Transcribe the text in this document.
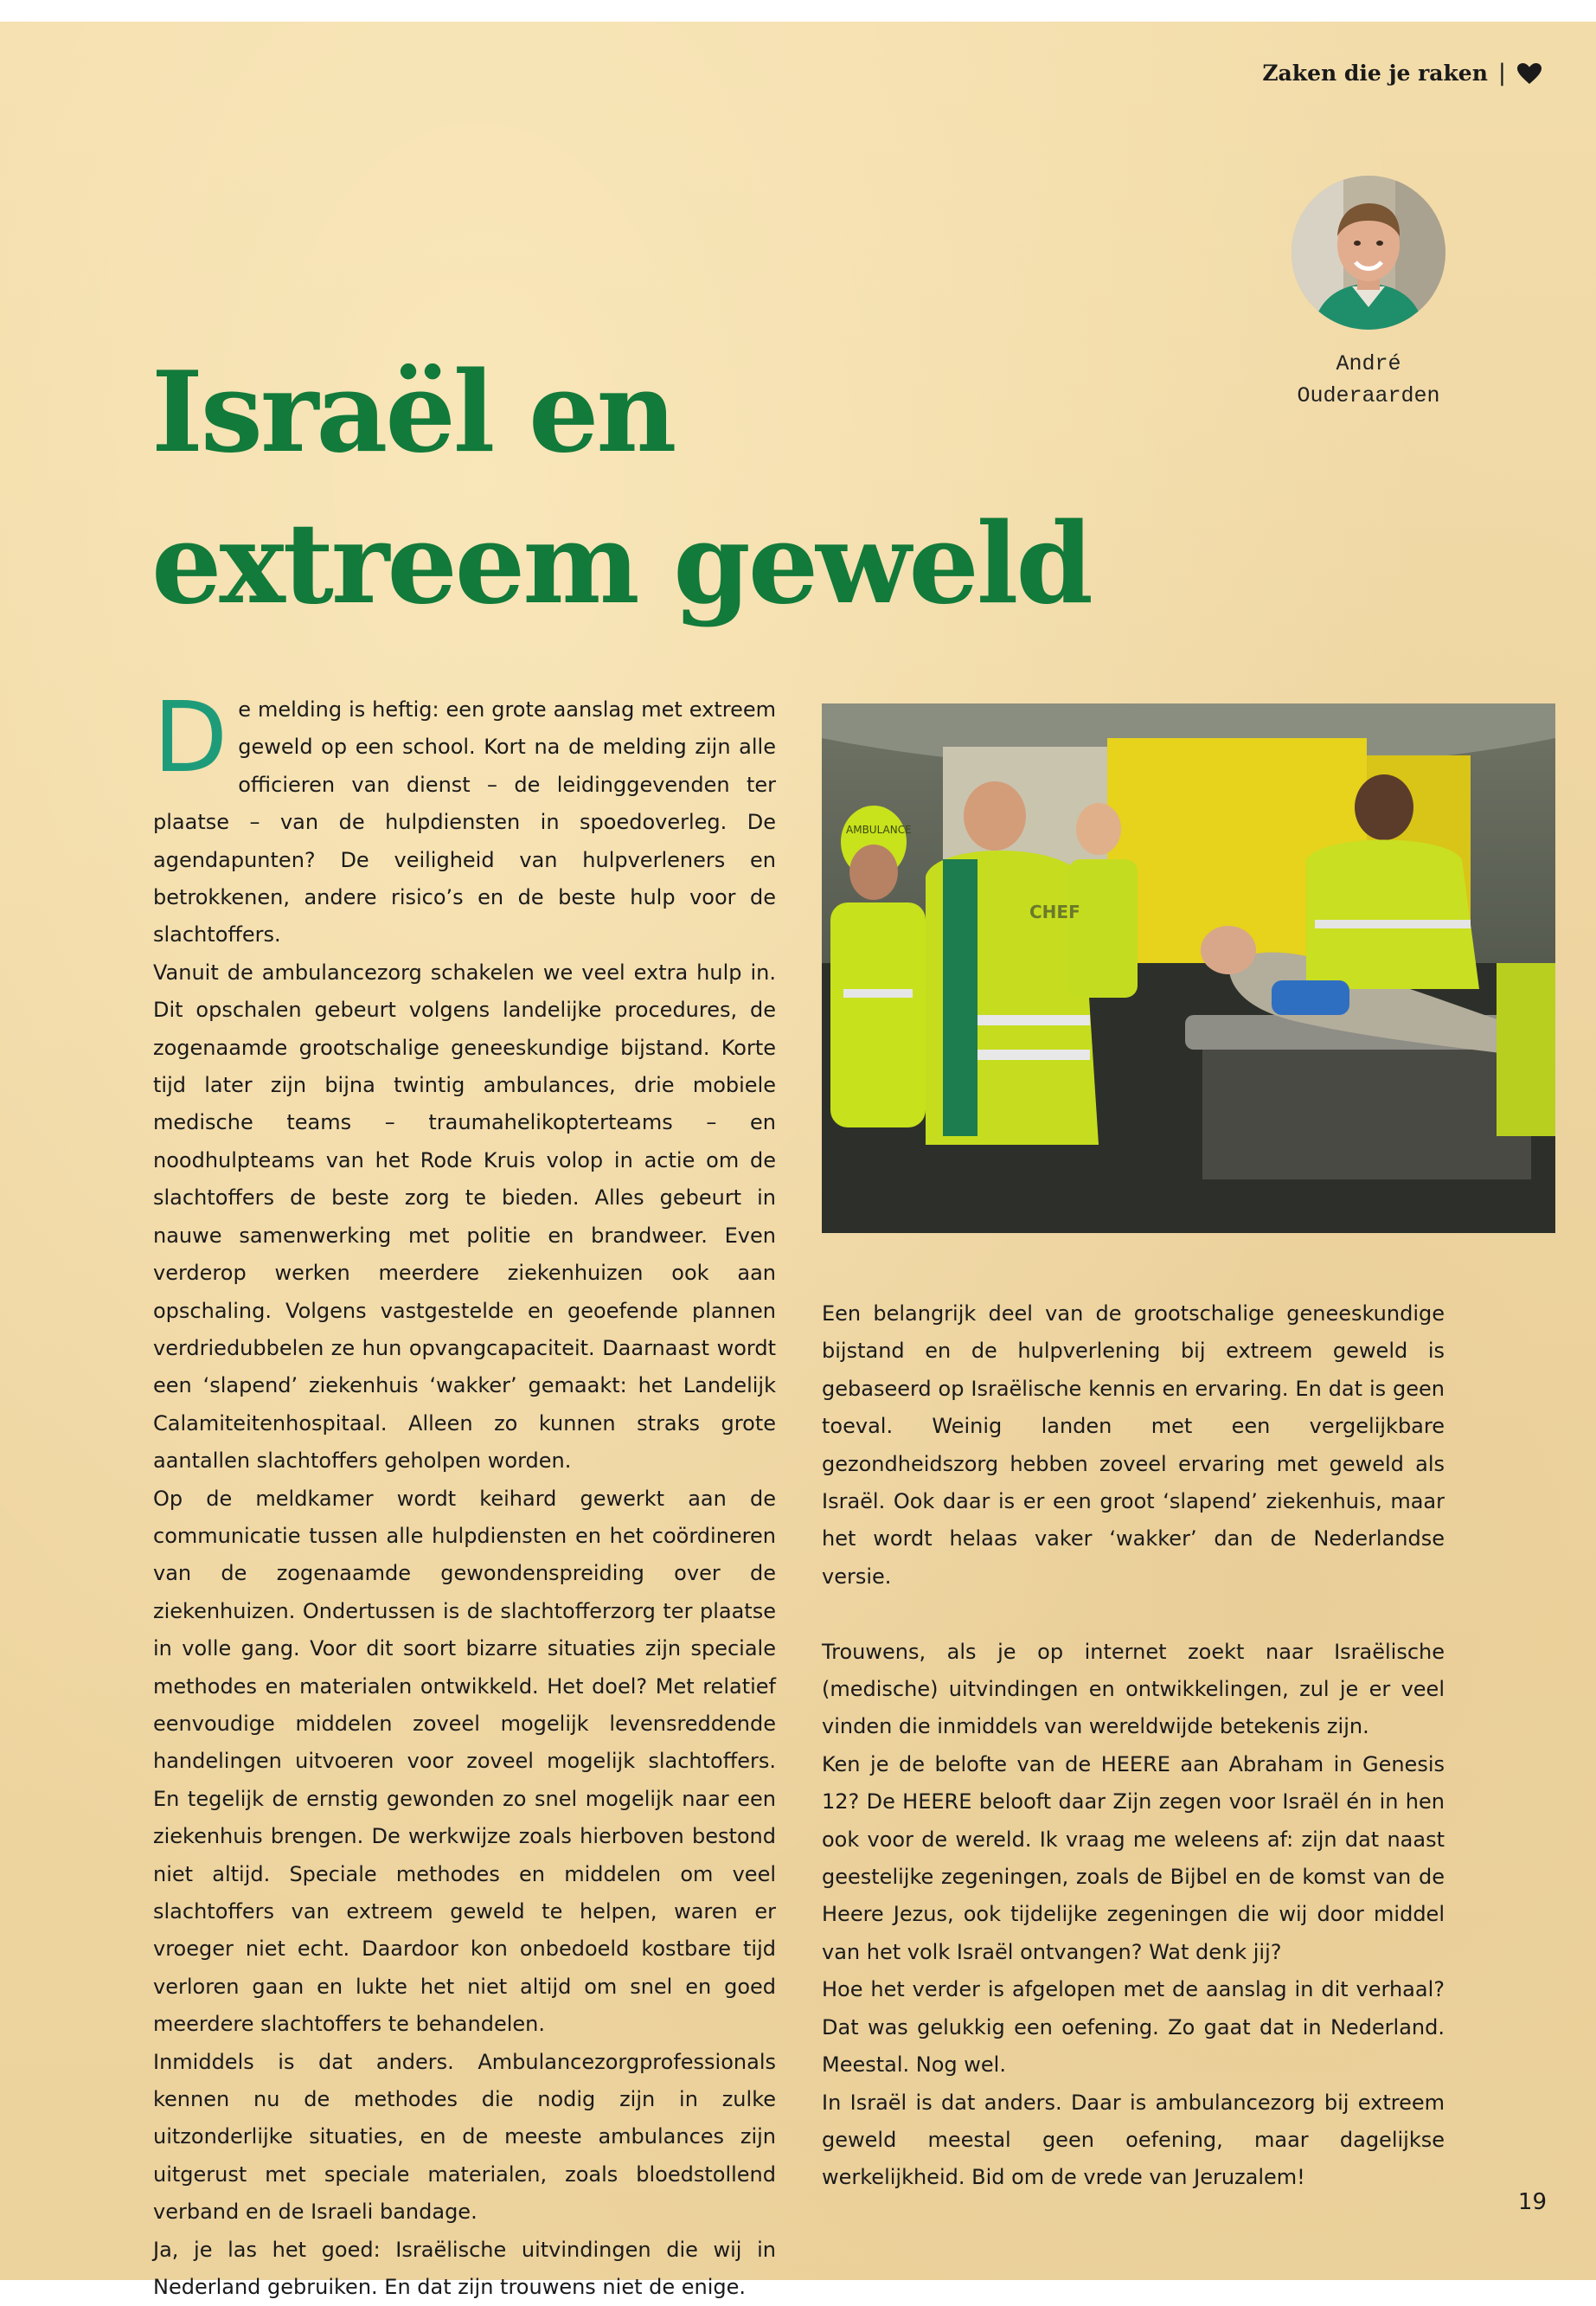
Zaken die je raken |
André
Ouderaarden
Israël en
extreem geweld

De melding is heftig: een grote aanslag met extreem geweld op een school. Kort na de melding zijn alle officieren van dienst – de leidinggevenden ter plaatse – van de hulpdiensten in spoedoverleg. De agendapunten? De veiligheid van hulpverleners en betrokkenen, andere risico’s en de beste hulp voor de slachtoffers.

Vanuit de ambulancezorg schakelen we veel extra hulp in. Dit opschalen gebeurt volgens landelijke procedures, de zogenaamde grootschalige geneeskundige bijstand. Korte tijd later zijn bijna twintig ambulances, drie mobiele medische teams – traumahelikopterteams – en noodhulpteams van het Rode Kruis volop in actie om de slachtoffers de beste zorg te bieden. Alles gebeurt in nauwe samenwerking met politie en brandweer. Even verderop werken meerdere ziekenhuizen ook aan opschaling. Volgens vastgestelde en geoefende plannen verdriedubbelen ze hun opvangcapaciteit. Daarnaast wordt een ‘slapend’ ziekenhuis ‘wakker’ gemaakt: het Landelijk Calamiteitenhospitaal. Alleen zo kunnen straks grote aantallen slachtoffers geholpen worden.

Op de meldkamer wordt keihard gewerkt aan de communicatie tussen alle hulpdiensten en het coördineren van de zogenaamde gewondenspreiding over de ziekenhuizen. Ondertussen is de slachtofferzorg ter plaatse in volle gang. Voor dit soort bizarre situaties zijn speciale methodes en materialen ontwikkeld. Het doel? Met relatief eenvoudige middelen zoveel mogelijk levensreddende handelingen uitvoeren voor zoveel mogelijk slachtoffers. En tegelijk de ernstig gewonden zo snel mogelijk naar een ziekenhuis brengen. De werkwijze zoals hierboven bestond niet altijd. Speciale methodes en middelen om veel slachtoffers van extreem geweld te helpen, waren er vroeger niet echt. Daardoor kon onbedoeld kostbare tijd verloren gaan en lukte het niet altijd om snel en goed meerdere slachtoffers te behandelen.

Inmiddels is dat anders. Ambulancezorgprofessionals kennen nu de methodes die nodig zijn in zulke uitzonderlijke situaties, en de meeste ambulances zijn uitgerust met speciale materialen, zoals bloedstollend verband en de Israeli bandage.

Ja, je las het goed: Israëlische uitvindingen die wij in Nederland gebruiken. En dat zijn trouwens niet de enige.

AMBULANCE
CHEF

Een belangrijk deel van de grootschalige geneeskundige bijstand en de hulpverlening bij extreem geweld is gebaseerd op Israëlische kennis en ervaring. En dat is geen toeval. Weinig landen met een vergelijkbare gezondheidszorg hebben zoveel ervaring met geweld als Israël. Ook daar is er een groot ‘slapend’ ziekenhuis, maar het wordt helaas vaker ‘wakker’ dan de Nederlandse versie.

Trouwens, als je op internet zoekt naar Israëlische (medische) uitvindingen en ontwikkelingen, zul je er veel vinden die inmiddels van wereldwijde betekenis zijn.

Ken je de belofte van de HEERE aan Abraham in Genesis 12? De HEERE belooft daar Zijn zegen voor Israël én in hen ook voor de wereld. Ik vraag me weleens af: zijn dat naast geestelijke zegeningen, zoals de Bijbel en de komst van de Heere Jezus, ook tijdelijke zegeningen die wij door middel van het volk Israël ontvangen? Wat denk jij?

Hoe het verder is afgelopen met de aanslag in dit verhaal? Dat was gelukkig een oefening. Zo gaat dat in Nederland. Meestal. Nog wel.

In Israël is dat anders. Daar is ambulancezorg bij extreem geweld meestal geen oefening, maar dagelijkse werkelijkheid. Bid om de vrede van Jeruzalem!

19
